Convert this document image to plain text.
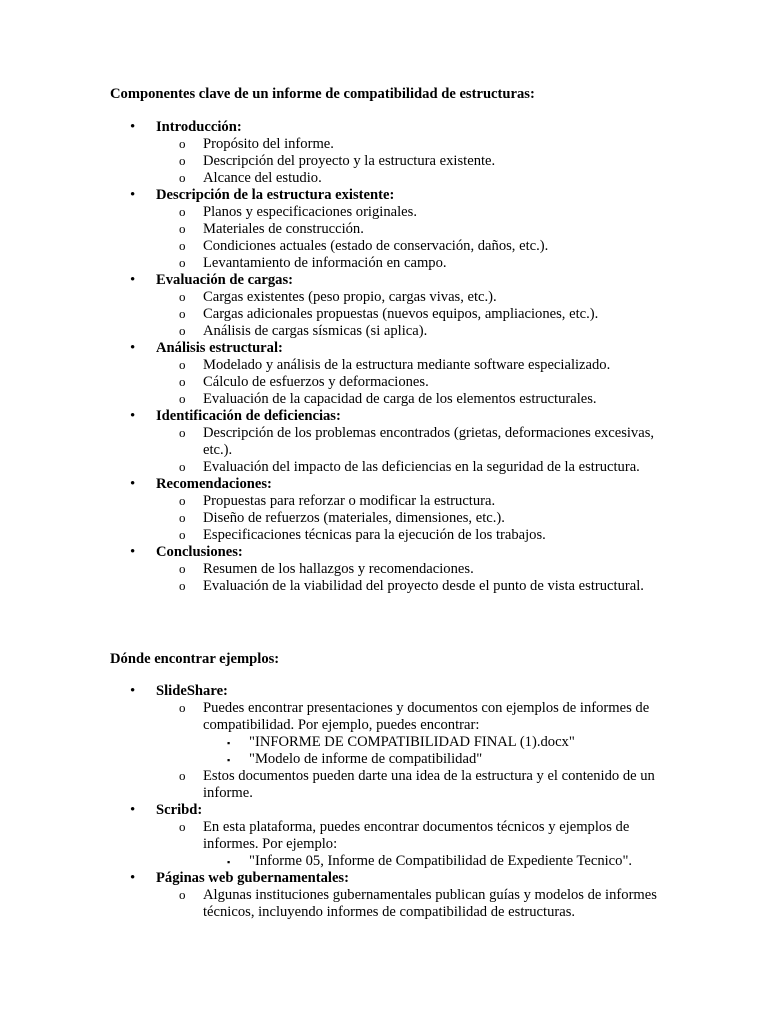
Componentes clave de un informe de compatibilidad de estructuras:
• Introducción:
o Propósito del informe.
o Descripción del proyecto y la estructura existente.
o Alcance del estudio.
• Descripción de la estructura existente:
o Planos y especificaciones originales.
o Materiales de construcción.
o Condiciones actuales (estado de conservación, daños, etc.).
o Levantamiento de información en campo.
• Evaluación de cargas:
o Cargas existentes (peso propio, cargas vivas, etc.).
o Cargas adicionales propuestas (nuevos equipos, ampliaciones, etc.).
o Análisis de cargas sísmicas (si aplica).
• Análisis estructural:
o Modelado y análisis de la estructura mediante software especializado.
o Cálculo de esfuerzos y deformaciones.
o Evaluación de la capacidad de carga de los elementos estructurales.
• Identificación de deficiencias:
o Descripción de los problemas encontrados (grietas, deformaciones excesivas, etc.).
o Evaluación del impacto de las deficiencias en la seguridad de la estructura.
• Recomendaciones:
o Propuestas para reforzar o modificar la estructura.
o Diseño de refuerzos (materiales, dimensiones, etc.).
o Especificaciones técnicas para la ejecución de los trabajos.
• Conclusiones:
o Resumen de los hallazgos y recomendaciones.
o Evaluación de la viabilidad del proyecto desde el punto de vista estructural.
Dónde encontrar ejemplos:
• SlideShare:
o Puedes encontrar presentaciones y documentos con ejemplos de informes de compatibilidad. Por ejemplo, puedes encontrar:
▪ "INFORME DE COMPATIBILIDAD FINAL (1).docx"
▪ "Modelo de informe de compatibilidad"
o Estos documentos pueden darte una idea de la estructura y el contenido de un informe.
• Scribd:
o En esta plataforma, puedes encontrar documentos técnicos y ejemplos de informes. Por ejemplo:
▪ "Informe 05, Informe de Compatibilidad de Expediente Tecnico".
• Páginas web gubernamentales:
o Algunas instituciones gubernamentales publican guías y modelos de informes técnicos, incluyendo informes de compatibilidad de estructuras.
